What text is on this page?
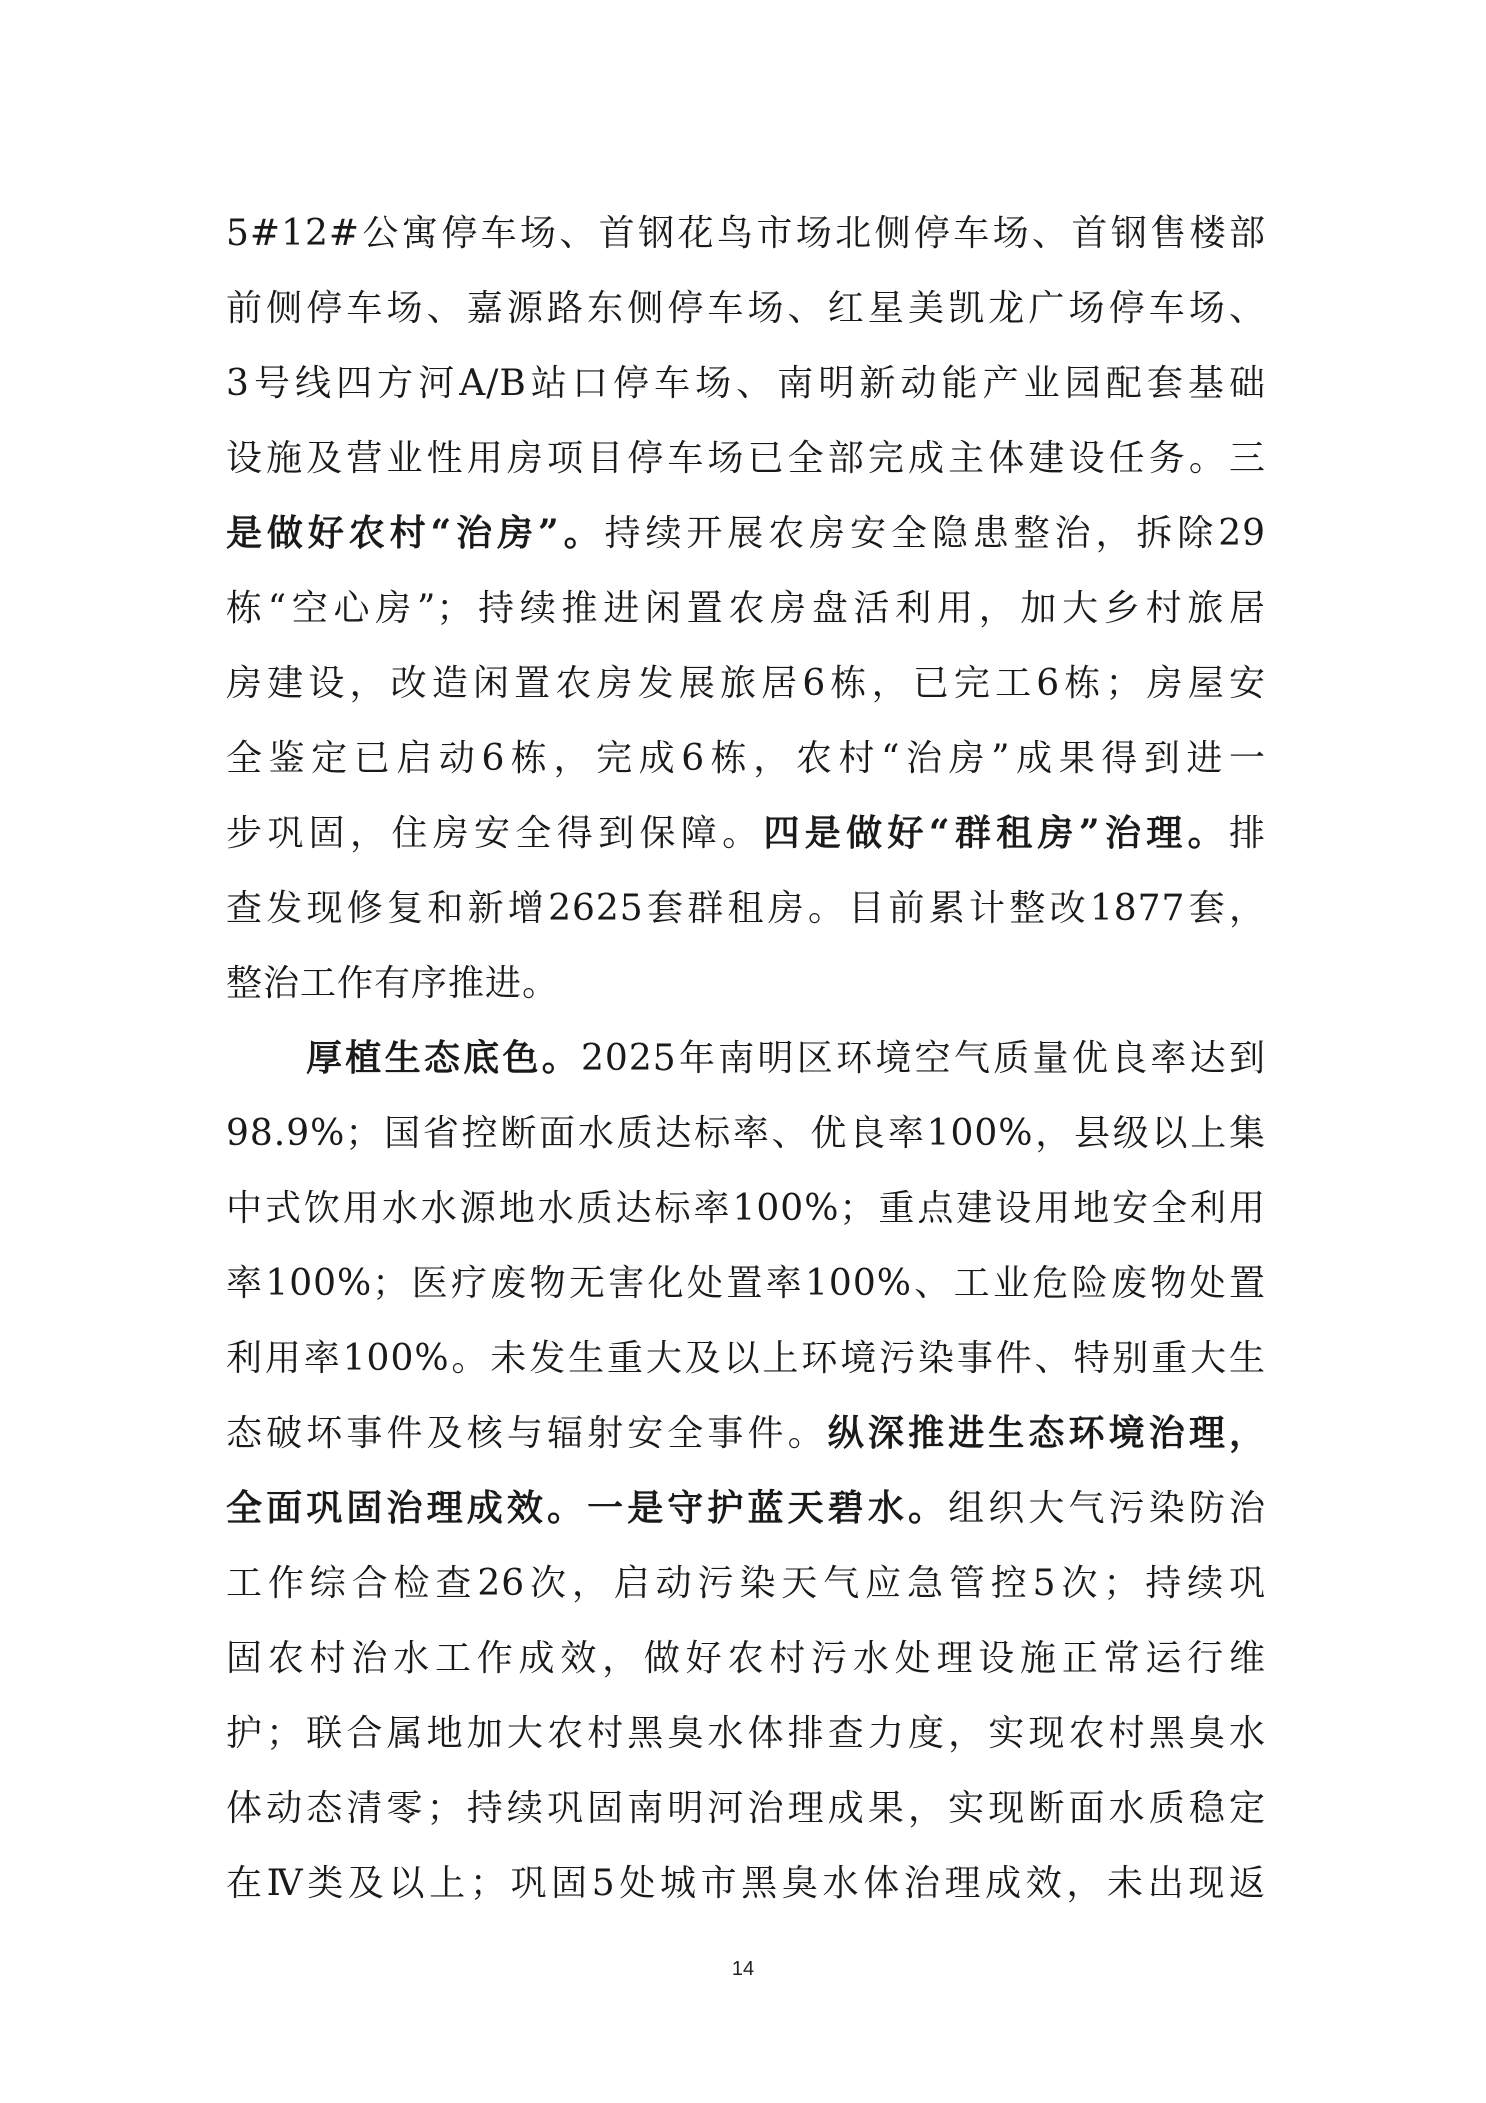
5#12#公寓停车场、首钢花鸟市场北侧停车场、首钢售楼部
前侧停车场、嘉源路东侧停车场、红星美凯龙广场停车场、
3号线四方河A/B站口停车场、南明新动能产业园配套基础
设施及营业性用房项目停车场已全部完成主体建设任务。三
是做好农村“治房”。持续开展农房安全隐患整治，拆除29
栋“空心房”；持续推进闲置农房盘活利用，加大乡村旅居
房建设，改造闲置农房发展旅居6栋，已完工6栋；房屋安
全鉴定已启动6栋，完成6栋，农村“治房”成果得到进一
步巩固，住房安全得到保障。四是做好“群租房”治理。排
查发现修复和新增2625套群租房。目前累计整改1877套，
整治工作有序推进。
厚植生态底色。2025年南明区环境空气质量优良率达到
98.9%；国省控断面水质达标率、优良率100%，县级以上集
中式饮用水水源地水质达标率100%；重点建设用地安全利用
率100%；医疗废物无害化处置率100%、工业危险废物处置
利用率100%。未发生重大及以上环境污染事件、特别重大生
态破坏事件及核与辐射安全事件。纵深推进生态环境治理，
全面巩固治理成效。一是守护蓝天碧水。组织大气污染防治
工作综合检查26次，启动污染天气应急管控5次；持续巩
固农村治水工作成效，做好农村污水处理设施正常运行维
护；联合属地加大农村黑臭水体排查力度，实现农村黑臭水
体动态清零；持续巩固南明河治理成果，实现断面水质稳定
在Ⅳ类及以上；巩固5处城市黑臭水体治理成效，未出现返
14
